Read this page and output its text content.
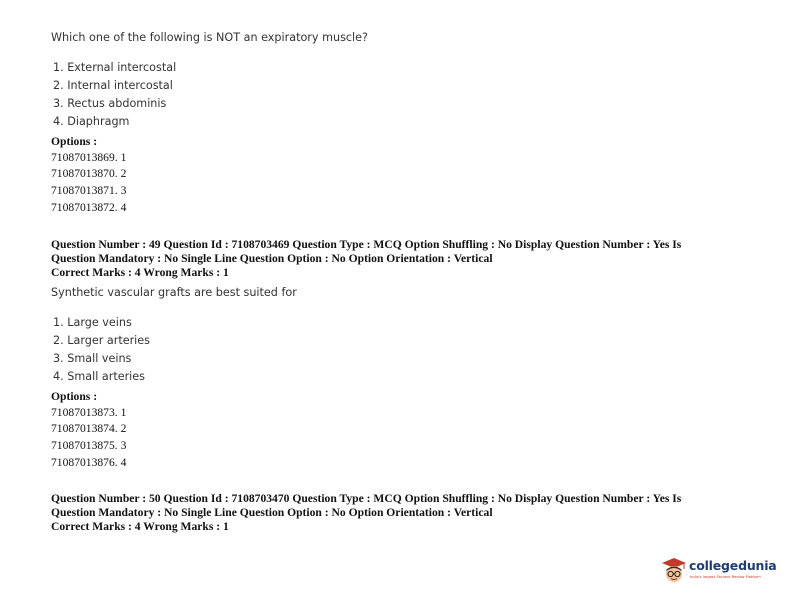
Which one of the following is NOT an expiratory muscle?
1. External intercostal
2. Internal intercostal
3. Rectus abdominis
4. Diaphragm
Options :
71087013869. 1
71087013870. 2
71087013871. 3
71087013872. 4
Question Number : 49 Question Id : 7108703469 Question Type : MCQ Option Shuffling : No Display Question Number : Yes Is
Question Mandatory : No Single Line Question Option : No Option Orientation : Vertical
Correct Marks : 4 Wrong Marks : 1
Synthetic vascular grafts are best suited for
1. Large veins
2. Larger arteries
3. Small veins
4. Small arteries
Options :
71087013873. 1
71087013874. 2
71087013875. 3
71087013876. 4
Question Number : 50 Question Id : 7108703470 Question Type : MCQ Option Shuffling : No Display Question Number : Yes Is
Question Mandatory : No Single Line Question Option : No Option Orientation : Vertical
Correct Marks : 4 Wrong Marks : 1
collegedunia
India's largest Student Review Platform
